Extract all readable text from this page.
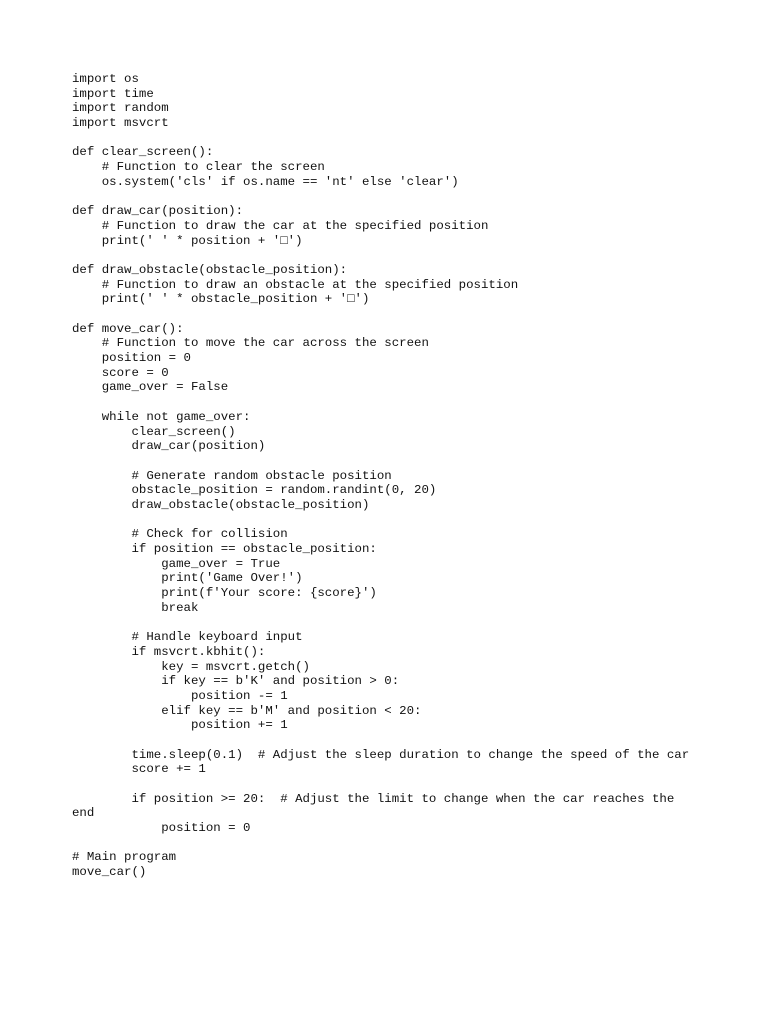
import os
import time
import random
import msvcrt
def clear_screen():
# Function to clear the screen
os.system('cls' if os.name == 'nt' else 'clear')
def draw_car(position):
# Function to draw the car at the specified position
print(' ' * position + '□')
def draw_obstacle(obstacle_position):
# Function to draw an obstacle at the specified position
print(' ' * obstacle_position + '□')
def move_car():
# Function to move the car across the screen
position = 0
score = 0
game_over = False
while not game_over:
clear_screen()
draw_car(position)
# Generate random obstacle position
obstacle_position = random.randint(0, 20)
draw_obstacle(obstacle_position)
# Check for collision
if position == obstacle_position:
game_over = True
print('Game Over!')
print(f'Your score: {score}')
break
# Handle keyboard input
if msvcrt.kbhit():
key = msvcrt.getch()
if key == b'K' and position > 0:
position -= 1
elif key == b'M' and position < 20:
position += 1
time.sleep(0.1)  # Adjust the sleep duration to change the speed of the car
score += 1
if position >= 20:  # Adjust the limit to change when the car reaches the
end
position = 0
# Main program
move_car()
